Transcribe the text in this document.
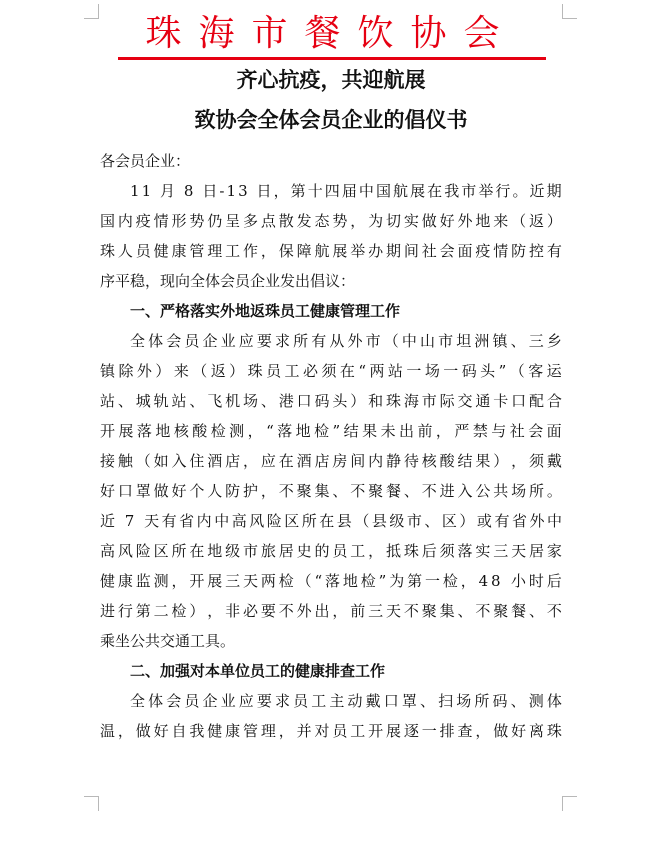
珠海市餐饮协会
齐心抗疫，共迎航展
致协会全体会员企业的倡仪书
各会员企业：
1 1
月
8
日 - 1 3
日 ， 第 十 四 届 中 国 航 展 在 我 市 举 行 。 近 期
国 内 疫 情 形 势 仍 呈 多 点 散 发 态 势 ， 为 切 实 做 好 外 地 来 （ 返 ）
珠 人 员 健 康 管 理 工 作 ， 保 障 航 展 举 办 期 间 社 会 面 疫 情 防 控 有
序平稳，现向全体会员企业发出倡议：
一、严格落实外地返珠员工健康管理工作
全 体 会 员 企 业 应 要 求 所 有 从 外 市 （ 中 山 市 坦 洲 镇 、 三 乡
镇 除 外 ） 来 （ 返 ） 珠 员 工 必 须 在 “ 两 站 一 场 一 码 头 ” （ 客 运
站 、 城 轨 站 、 飞 机 场 、 港 口 码 头 ） 和 珠 海 市 际 交 通 卡 口 配 合
开 展 落 地 核 酸 检 测 ， “ 落 地 检 ” 结 果 未 出 前 ， 严 禁 与 社 会 面
接 触 （ 如 入 住 酒 店 ， 应 在 酒 店 房 间 内 静 待 核 酸 结 果 ） ， 须 戴
好 口 罩 做 好 个 人 防 护 ， 不 聚 集 、 不 聚 餐 、 不 进 入 公 共 场 所 。
近
7
天 有 省 内 中 高 风 险 区 所 在 县 （ 县 级 市 、 区 ） 或 有 省 外 中
高 风 险 区 所 在 地 级 市 旅 居 史 的 员 工 ， 抵 珠 后 须 落 实 三 天 居 家
健 康 监 测 ， 开 展 三 天 两 检 （ “ 落 地 检 ” 为 第 一 检 ， 4 8
小 时 后
进 行 第 二 检 ） ， 非 必 要 不 外 出 ， 前 三 天 不 聚 集 、 不 聚 餐 、 不
乘坐公共交通工具。
二、加强对本单位员工的健康排查工作
全 体 会 员 企 业 应 要 求 员 工 主 动 戴 口 罩 、 扫 场 所 码 、 测 体
温 ， 做 好 自 我 健 康 管 理 ， 并 对 员 工 开 展 逐 一 排 查 ， 做 好 离 珠
